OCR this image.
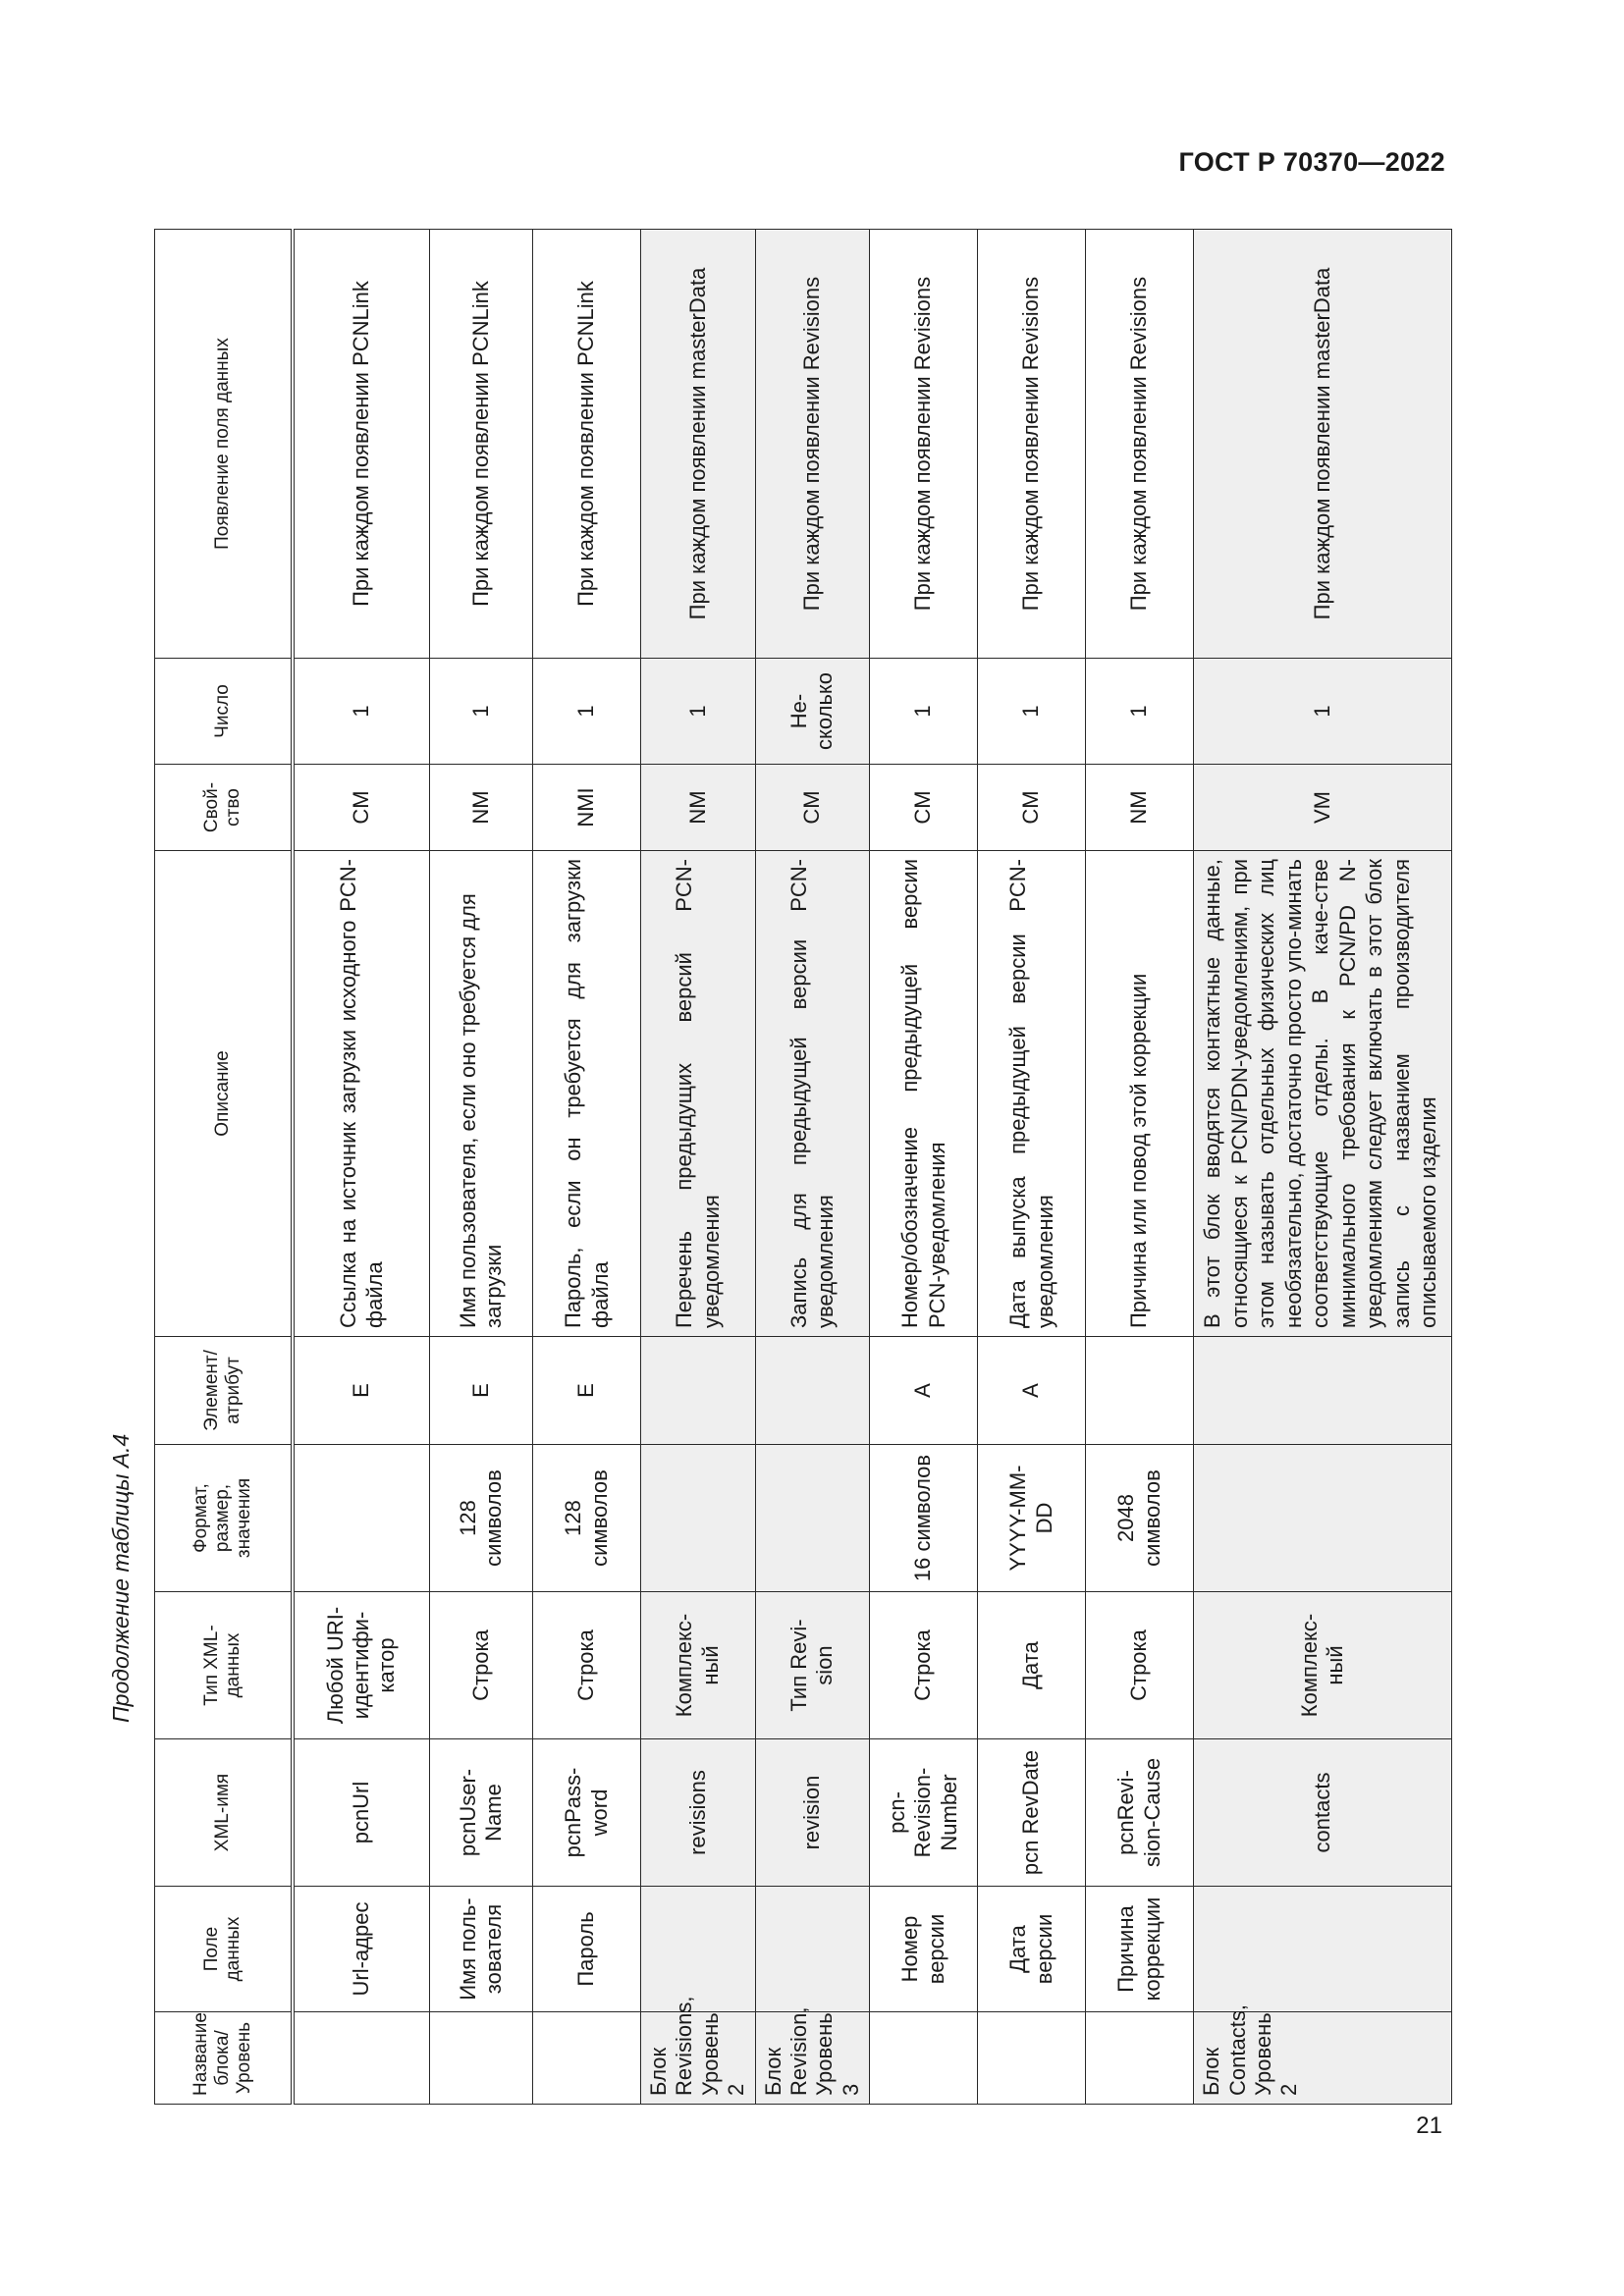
ГОСТ Р 70370—2022
Продолжение таблицы А.4
Название блока/ Уровень	Поле данных	XML-имя	Тип XML-данных	Формат, размер, значения	Элемент/ атрибут	Описание	Свой-ство	Число	Появление поля данных
	Url-адрес	pcnUrl	Любой URI-идентифи-катор		E	Ссылка на источник загрузки исходного PCN-файла	CM	1	При каждом появлении PCNLink
	Имя поль-зователя	pcnUser-Name	Строка	128 символов	E	Имя пользователя, если оно требуется для загрузки	NM	1	При каждом появлении PCNLink
	Пароль	pcnPass-word	Строка	128 символов	E	Пароль, если он требуется для загрузки файла	NMI	1	При каждом появлении PCNLink
Блок Revisions, Уровень 2		revisions	Комплекс-ный			Перечень предыдущих версий PCN-уведомления	NM	1	При каждом появлении masterData
Блок Revision, Уровень 3		revision	Тип Revi-sion			Запись для предыдущей версии PCN-уведомления	CM	Не-сколько	При каждом появлении Revisions
	Номер версии	pcn-Revision-Number	Строка	16 символов	A	Номер/обозначение предыдущей версии PCN-уведомления	CM	1	При каждом появлении Revisions
	Дата версии	pcn RevDate	Дата	YYYY-MM-DD	A	Дата выпуска предыдущей версии PCN-уведомления	CM	1	При каждом появлении Revisions
	Причина коррекции	pcnRevi-sion-Cause	Строка	2048 символов		Причина или повод этой коррекции	NM	1	При каждом появлении Revisions
Блок Contacts, Уровень 2		contacts	Комплекс-ный			В этот блок вводятся контактные данные, относящиеся к PCN/PDN-уведомлениям, при этом называть отдельных физических лиц необязательно, достаточно просто упо-минать соответствующие отделы. В каче-стве минимального требования к PCN/PD N-уведомлениям следует включать в этот блок запись с названием производителя описываемого изделия	VM	1	При каждом появлении masterData
21
